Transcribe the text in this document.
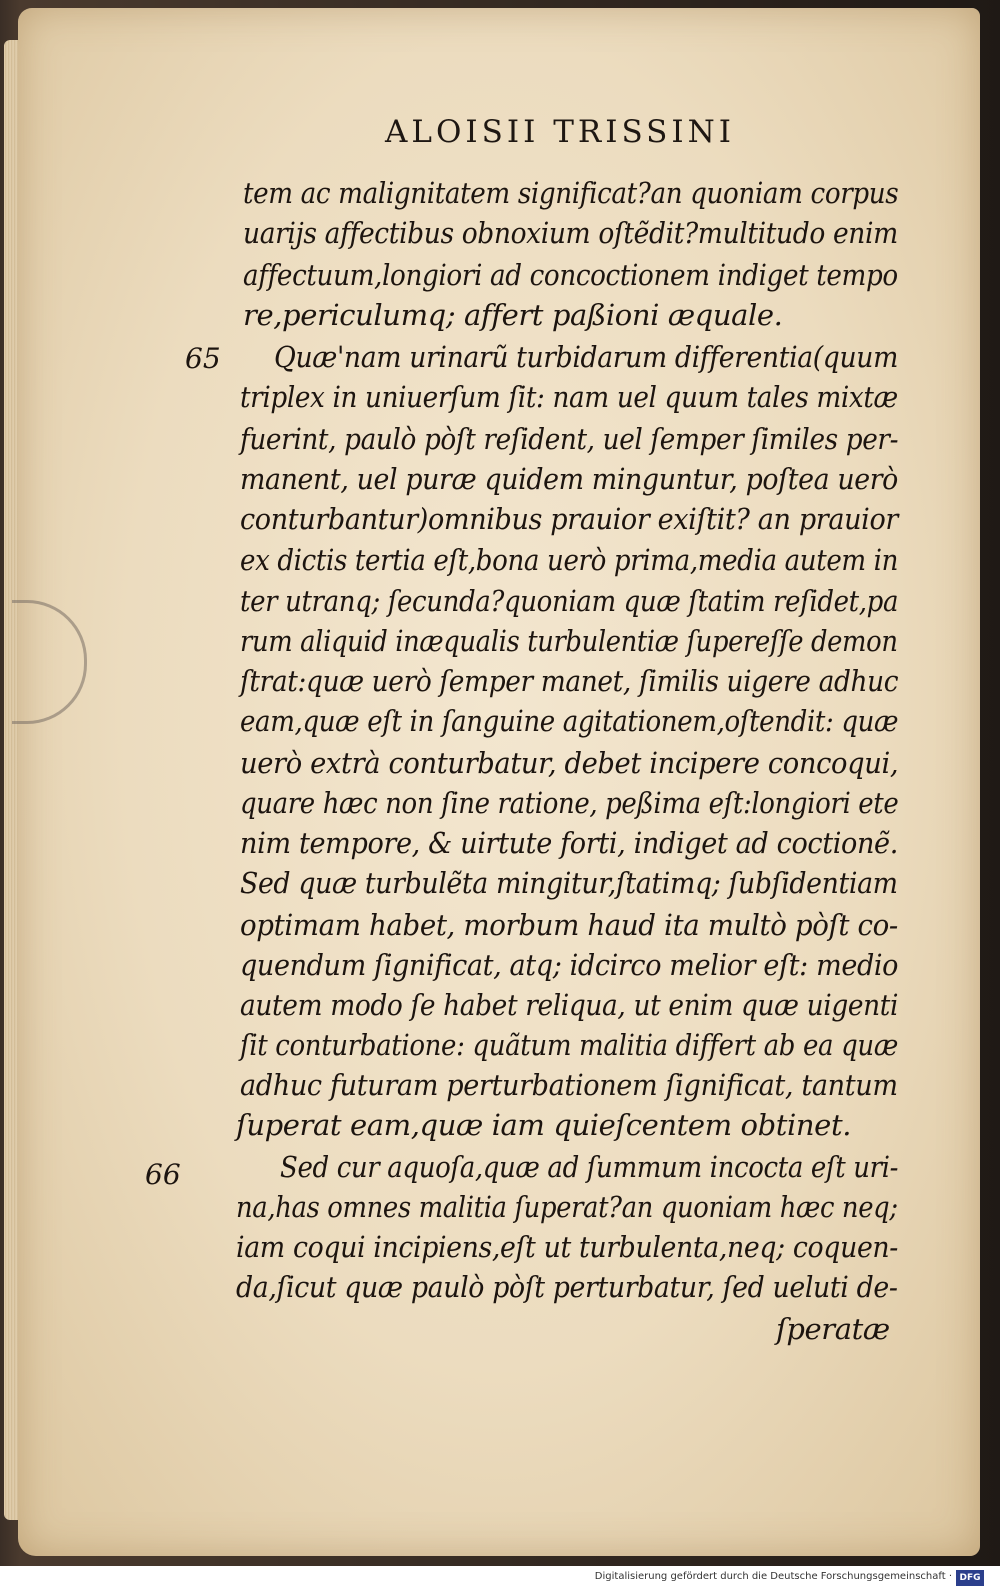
ALOISII TRISSINI
65
66
tem ac malignitatem significat?an quoniam corpus
uarijs affectibus obnoxium oſtẽdit?multitudo enim
affectuum,longiori ad concoctionem indiget tempo
re,periculumq; affert paßioni æquale.
Quæ'nam urinarũ turbidarum differentia(quum
triplex in uniuerſum ſit: nam uel quum tales mixtæ
fuerint, paulò pòſt reſident, uel ſemper ſimiles per-
manent, uel puræ quidem minguntur, poſtea uerò
conturbantur)omnibus prauior exiſtit? an prauior
ex dictis tertia eſt,bona uerò prima,media autem in
ter utranq; ſecunda?quoniam quæ ſtatim reſidet,pa
rum aliquid inæqualis turbulentiæ ſupereſſe demon
ſtrat:quæ uerò ſemper manet, ſimilis uigere adhuc
eam,quæ eſt in ſanguine agitationem,oſtendit: quæ
uerò extrà conturbatur, debet incipere concoqui,
quare hæc non ſine ratione, peßima eſt:longiori ete
nim tempore, & uirtute forti, indiget ad coctionẽ.
Sed quæ turbulẽta mingitur,ſtatimq; ſubſidentiam
optimam habet, morbum haud ita multò pòſt co-
quendum ſignificat, atq; idcirco melior eſt: medio
autem modo ſe habet reliqua, ut enim quæ uigenti
ſit conturbatione: quãtum malitia differt ab ea quæ
adhuc futuram perturbationem ſignificat, tantum
ſuperat eam,quæ iam quieſcentem obtinet.
Sed cur aquoſa,quæ ad ſummum incocta eſt uri-
na,has omnes malitia ſuperat?an quoniam hæc neq;
iam coqui incipiens,eſt ut turbulenta,neq; coquen-
da,ſicut quæ paulò pòſt perturbatur, ſed ueluti de-
ſperatæ
Digitalisierung gefördert durch die Deutsche Forschungsgemeinschaft · DFG
